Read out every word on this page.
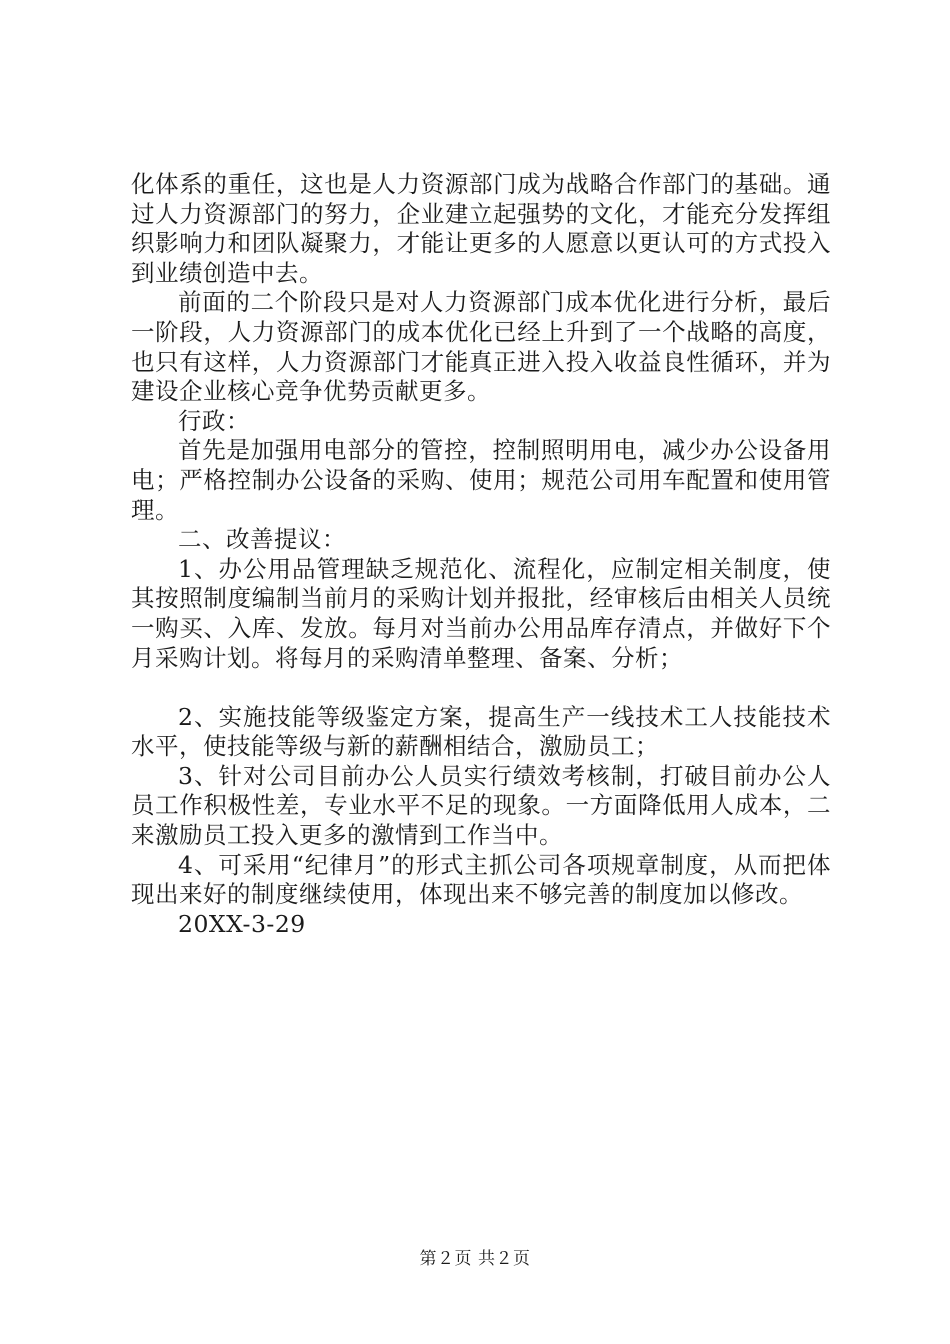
化体系的重任，这也是人力资源部门成为战略合作部门的基础。通过人力资源部门的努力，企业建立起强势的文化，才能充分发挥组织影响力和团队凝聚力，才能让更多的人愿意以更认可的方式投入到业绩创造中去。

前面的二个阶段只是对人力资源部门成本优化进行分析，最后一阶段，人力资源部门的成本优化已经上升到了一个战略的高度，也只有这样，人力资源部门才能真正进入投入收益良性循环，并为建设企业核心竞争优势贡献更多。

行政：

首先是加强用电部分的管控，控制照明用电，减少办公设备用电；严格控制办公设备的采购、使用；规范公司用车配置和使用管理。

二、改善提议：

1、办公用品管理缺乏规范化、流程化，应制定相关制度，使其按照制度编制当前月的采购计划并报批，经审核后由相关人员统一购买、入库、发放。每月对当前办公用品库存清点，并做好下个月采购计划。将每月的采购清单整理、备案、分析；

2、实施技能等级鉴定方案，提高生产一线技术工人技能技术水平，使技能等级与新的薪酬相结合，激励员工；

3、针对公司目前办公人员实行绩效考核制，打破目前办公人员工作积极性差，专业水平不足的现象。一方面降低用人成本，二来激励员工投入更多的激情到工作当中。

4、可采用“纪律月”的形式主抓公司各项规章制度，从而把体现出来好的制度继续使用，体现出来不够完善的制度加以修改。

20XX-3-29

第２页 共２页
